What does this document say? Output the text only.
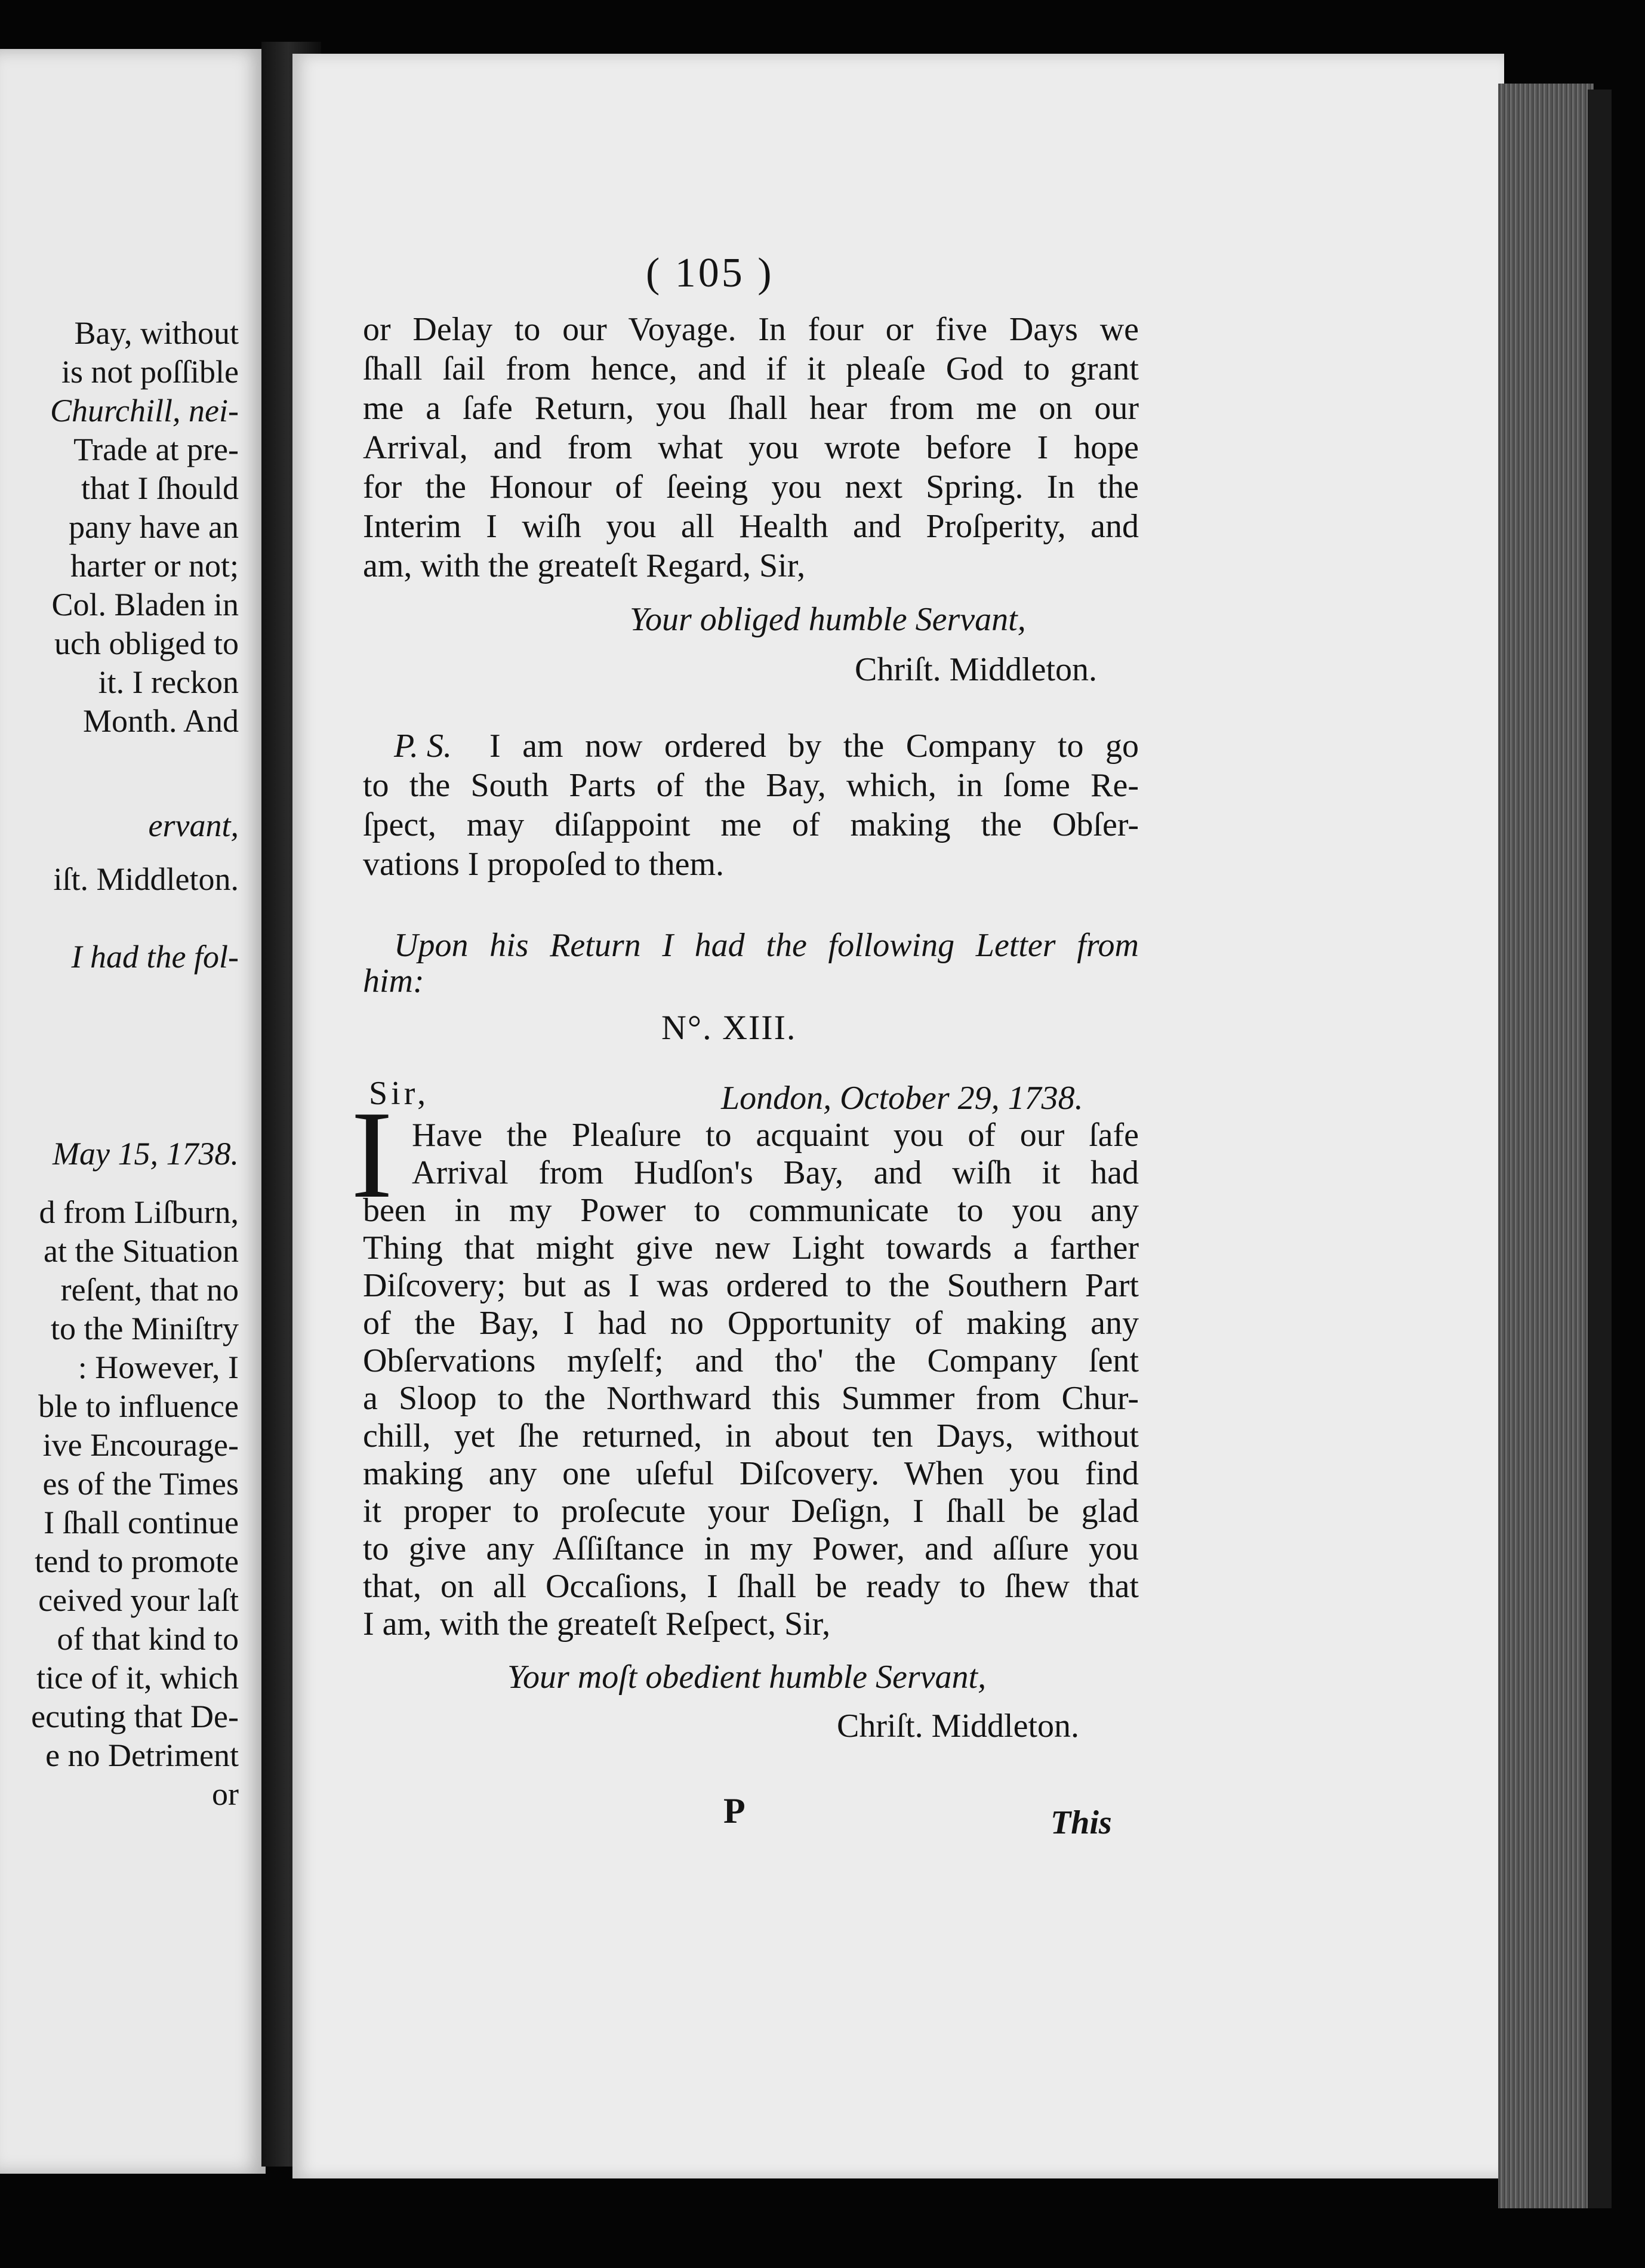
Bay, without
is not poſſible
Churchill, nei-
Trade at pre-
that I ſhould
pany have an
harter or not;
Col. Bladen in
uch obliged to
it. I reckon
Month. And
ervant,
iſt. Middleton.
I had the fol-
May 15, 1738.
d from Liſburn,
at the Situation
reſent, that no
to the Miniſtry
: However, I
ble to influence
ive Encourage-
es of the Times
I ſhall continue
tend to promote
ceived your laſt
of that kind to
tice of it, which
ecuting that De-
e no Detriment
or
( 105 )
or Delay to our Voyage. In four or five Days we
ſhall ſail from hence, and if it pleaſe God to grant
me a ſafe Return, you ſhall hear from me on our
Arrival, and from what you wrote before I hope
for the Honour of ſeeing you next Spring. In the
Interim I wiſh you all Health and Proſperity, and
am, with the greateſt Regard, Sir,
Your obliged humble Servant,
Chriſt. Middleton.
P. S. I am now ordered by the Company to go
to the South Parts of the Bay, which, in ſome Re-
ſpect, may diſappoint me of making the Obſer-
vations I propoſed to them.
Upon his Return I had the following Letter from
him:
N°. XIII.
Sir,	London, October 29, 1738.
I Have the Pleaſure to acquaint you of our ſafe
Arrival from Hudſon's Bay, and wiſh it had
been in my Power to communicate to you any
Thing that might give new Light towards a farther
Diſcovery; but as I was ordered to the Southern Part
of the Bay, I had no Opportunity of making any
Obſervations myſelf; and tho' the Company ſent
a Sloop to the Northward this Summer from Chur-
chill, yet ſhe returned, in about ten Days, without
making any one uſeful Diſcovery. When you find
it proper to proſecute your Deſign, I ſhall be glad
to give any Aſſiſtance in my Power, and aſſure you
that, on all Occaſions, I ſhall be ready to ſhew that
I am, with the greateſt Reſpect, Sir,
Your moſt obedient humble Servant,
Chriſt. Middleton.
P	This
